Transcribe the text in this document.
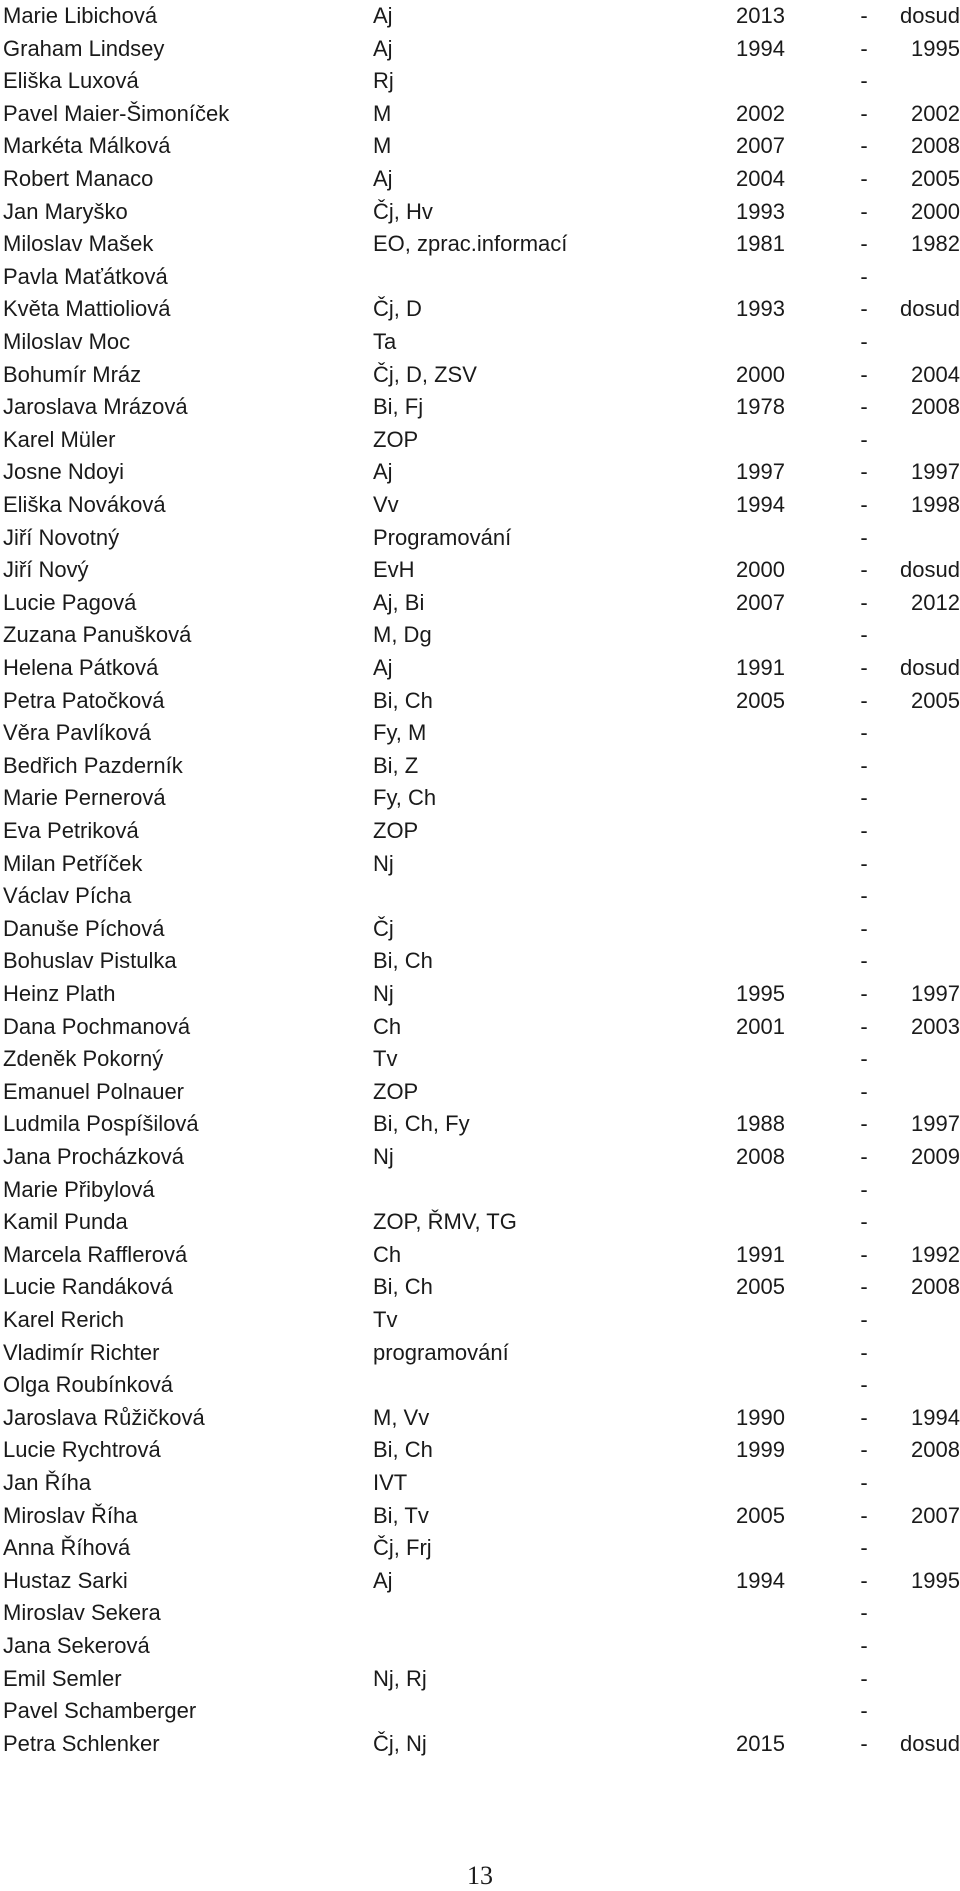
Marie Libichová	Aj	2013	- dosud
Graham Lindsey	Aj	1994	- 1995
Eliška Luxová	Rj	-
Pavel Maier-Šimoníček	M	2002	- 2002
Markéta Málková	M	2007	- 2008
Robert Manaco	Aj	2004	- 2005
Jan Maryško	Čj, Hv	1993	- 2000
Miloslav Mašek	EO, zprac.informací	1981	- 1982
Pavla Maťátková	-
Květa Mattioliová	Čj, D	1993	- dosud
Miloslav Moc	Ta	-
Bohumír Mráz	Čj, D, ZSV	2000	- 2004
Jaroslava Mrázová	Bi, Fj	1978	- 2008
Karel Müler	ZOP	-
Josne Ndoyi	Aj	1997	- 1997
Eliška Nováková	Vv	1994	- 1998
Jiří Novotný	Programování	-
Jiří Nový	EvH	2000	- dosud
Lucie Pagová	Aj, Bi	2007	- 2012
Zuzana Panušková	M, Dg	-
Helena Pátková	Aj	1991	- dosud
Petra Patočková	Bi, Ch	2005	- 2005
Věra Pavlíková	Fy, M	-
Bedřich Pazderník	Bi, Z	-
Marie Pernerová	Fy, Ch	-
Eva Petriková	ZOP	-
Milan Petříček	Nj	-
Václav Pícha	-
Danuše Píchová	Čj	-
Bohuslav Pistulka	Bi, Ch	-
Heinz Plath	Nj	1995	- 1997
Dana Pochmanová	Ch	2001	- 2003
Zdeněk Pokorný	Tv	-
Emanuel Polnauer	ZOP	-
Ludmila Pospíšilová	Bi, Ch, Fy	1988	- 1997
Jana Procházková	Nj	2008	- 2009
Marie Přibylová	-
Kamil Punda	ZOP, ŘMV, TG	-
Marcela Rafflerová	Ch	1991	- 1992
Lucie Randáková	Bi, Ch	2005	- 2008
Karel Rerich	Tv	-
Vladimír Richter	programování	-
Olga Roubínková	-
Jaroslava Růžičková	M, Vv	1990	- 1994
Lucie Rychtrová	Bi, Ch	1999	- 2008
Jan Říha	IVT	-
Miroslav Říha	Bi, Tv	2005	- 2007
Anna Říhová	Čj, Frj	-
Hustaz Sarki	Aj	1994	- 1995
Miroslav Sekera	-
Jana Sekerová	-
Emil Semler	Nj, Rj	-
Pavel Schamberger	-
Petra Schlenker	Čj, Nj	2015	- dosud
13
